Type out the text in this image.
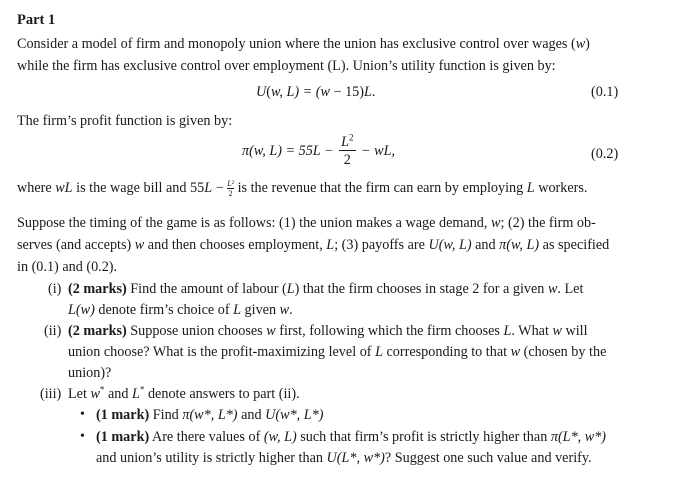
Part 1
Consider a model of firm and monopoly union where the union has exclusive control over wages (w)
while the firm has exclusive control over employment (L). Union’s utility function is given by:
U(w, L) = (w − 15)L.	(0.1)
The firm’s profit function is given by:
π(w, $L) = 55L - \frac{L^2}{2}$ − wL,	(0.2)
where wL is the wage bill and $55L - \frac{\text{L²}}{2}$ is the revenue that the firm can earn by employing L workers.
Suppose the timing of the game is as follows: (1) the union makes a wage demand, w; (2) the firm ob-
serves (and accepts) w and then chooses employment, L; (3) payoffs are U(w, L) and π(w, L) as specified
in (0.1) and (0.2).
(i) (2 marks) Find the amount of labour (L) that the firm chooses in stage 2 for a given w. Let
L(w) denote firm’s choice of L given w.
(ii) (2 marks) Suppose union chooses w first, following which the firm chooses L. What w will
union choose? What is the profit-maximizing level of L corresponding to that w (chosen by the
union)?
(iii) Let w* and L* denote answers to part (ii).
• (1 mark) Find π(w*, L*) and U(w*, L*)
• (1 mark) Are there values of (w, L) such that firm’s profit is strictly higher than π(L*, w*)
and union’s utility is strictly higher than U(L*, w*)? Suggest one such value and verify.
